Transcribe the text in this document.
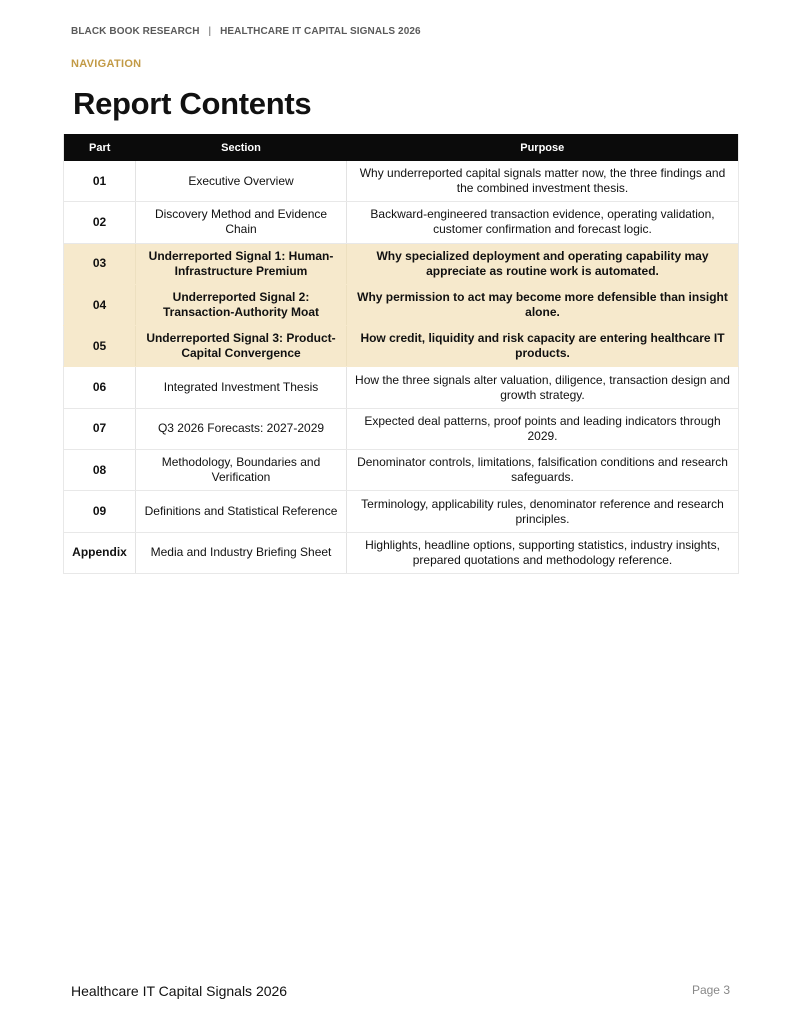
BLACK BOOK RESEARCH | HEALTHCARE IT CAPITAL SIGNALS 2026
NAVIGATION
Report Contents
Part	Section	Purpose
01	Executive Overview	Why underreported capital signals matter now, the three findings and the combined investment thesis.
02	Discovery Method and Evidence Chain	Backward-engineered transaction evidence, operating validation, customer confirmation and forecast logic.
03	Underreported Signal 1: Human-Infrastructure Premium	Why specialized deployment and operating capability may appreciate as routine work is automated.
04	Underreported Signal 2: Transaction-Authority Moat	Why permission to act may become more defensible than insight alone.
05	Underreported Signal 3: Product-Capital Convergence	How credit, liquidity and risk capacity are entering healthcare IT products.
06	Integrated Investment Thesis	How the three signals alter valuation, diligence, transaction design and growth strategy.
07	Q3 2026 Forecasts: 2027-2029	Expected deal patterns, proof points and leading indicators through 2029.
08	Methodology, Boundaries and Verification	Denominator controls, limitations, falsification conditions and research safeguards.
09	Definitions and Statistical Reference	Terminology, applicability rules, denominator reference and research principles.
Appendix	Media and Industry Briefing Sheet	Highlights, headline options, supporting statistics, industry insights, prepared quotations and methodology reference.
Healthcare IT Capital Signals 2026	Page 3
